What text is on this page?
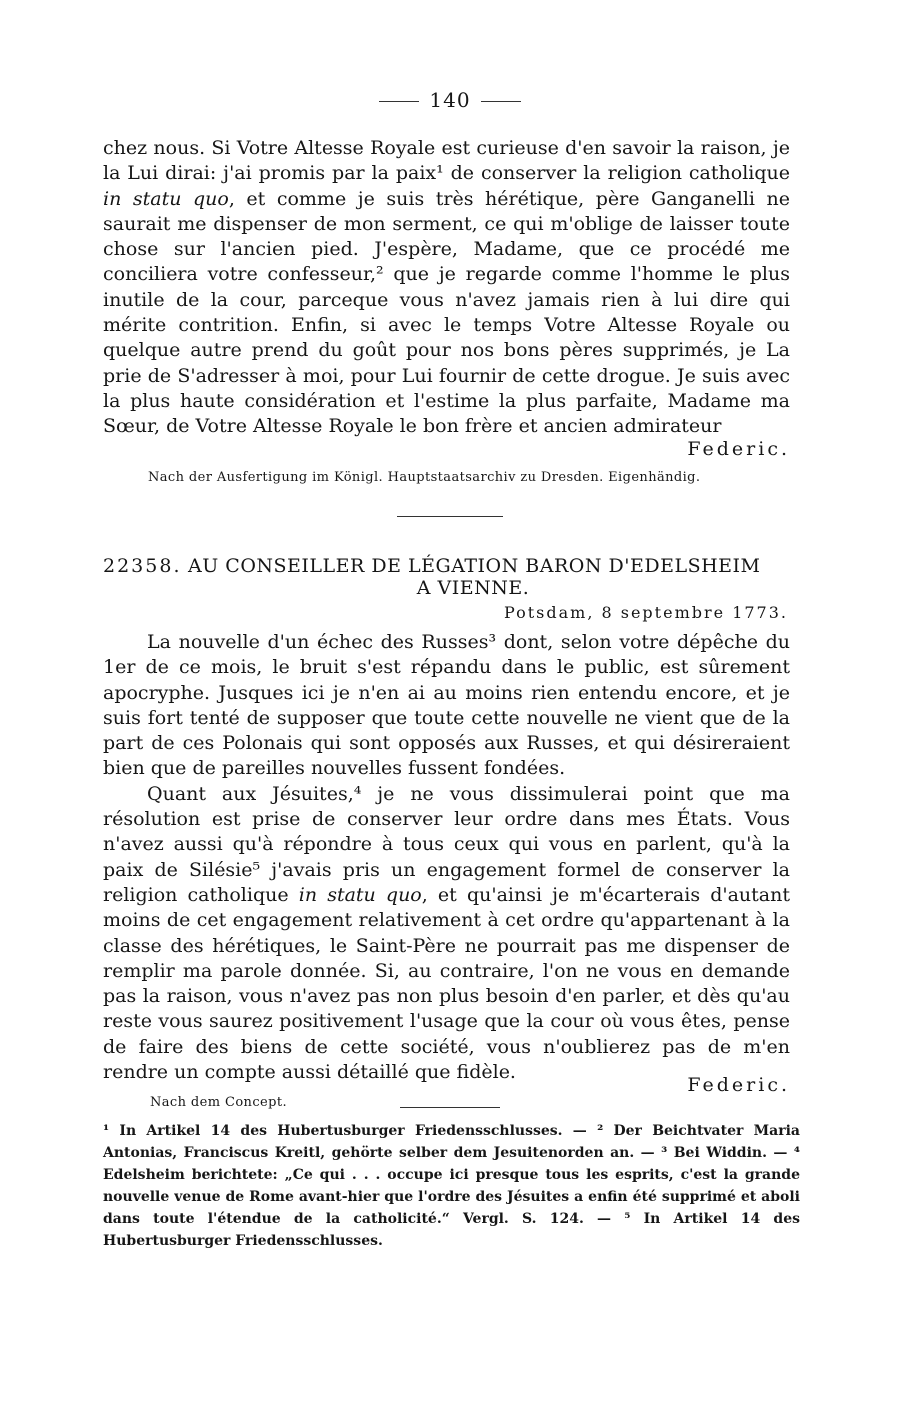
140

chez nous. Si Votre Altesse Royale est curieuse d'en savoir la raison, je la Lui dirai: j'ai promis par la paix¹ de conserver la religion catholique in statu quo, et comme je suis très hérétique, père Ganganelli ne saurait me dispenser de mon serment, ce qui m'oblige de laisser toute chose sur l'ancien pied. J'espère, Madame, que ce procédé me conciliera votre confesseur,² que je regarde comme l'homme le plus inutile de la cour, parceque vous n'avez jamais rien à lui dire qui mérite contrition. Enfin, si avec le temps Votre Altesse Royale ou quelque autre prend du goût pour nos bons pères supprimés, je La prie de S'adresser à moi, pour Lui fournir de cette drogue. Je suis avec la plus haute considération et l'estime la plus parfaite, Madame ma Sœur, de Votre Altesse Royale le bon frère et ancien admirateur

Federic.
Nach der Ausfertigung im Königl. Hauptstaatsarchiv zu Dresden. Eigenhändig.
22358. AU CONSEILLER DE LÉGATION BARON D'EDELSHEIM
A VIENNE.
Potsdam, 8 septembre 1773.

La nouvelle d'un échec des Russes³ dont, selon votre dépêche du 1er de ce mois, le bruit s'est répandu dans le public, est sûrement apocryphe. Jusques ici je n'en ai au moins rien entendu encore, et je suis fort tenté de supposer que toute cette nouvelle ne vient que de la part de ces Polonais qui sont opposés aux Russes, et qui désireraient bien que de pareilles nouvelles fussent fondées.

Quant aux Jésuites,⁴ je ne vous dissimulerai point que ma résolution est prise de conserver leur ordre dans mes États. Vous n'avez aussi qu'à répondre à tous ceux qui vous en parlent, qu'à la paix de Silésie⁵ j'avais pris un engagement formel de conserver la religion catholique in statu quo, et qu'ainsi je m'écarterais d'autant moins de cet engagement relativement à cet ordre qu'appartenant à la classe des hérétiques, le Saint-Père ne pourrait pas me dispenser de remplir ma parole donnée. Si, au contraire, l'on ne vous en demande pas la raison, vous n'avez pas non plus besoin d'en parler, et dès qu'au reste vous saurez positivement l'usage que la cour où vous êtes, pense de faire des biens de cette société, vous n'oublierez pas de m'en rendre un compte aussi détaillé que fidèle.

Federic.
Nach dem Concept.

¹ In Artikel 14 des Hubertusburger Friedensschlusses. — ² Der Beichtvater Maria Antonias, Franciscus Kreitl, gehörte selber dem Jesuitenorden an. — ³ Bei Widdin. — ⁴ Edelsheim berichtete: „Ce qui . . . occupe ici presque tous les esprits, c'est la grande nouvelle venue de Rome avant-hier que l'ordre des Jésuites a enfin été supprimé et aboli dans toute l'étendue de la catholicité.“ Vergl. S. 124. — ⁵ In Artikel 14 des Hubertusburger Friedensschlusses.
